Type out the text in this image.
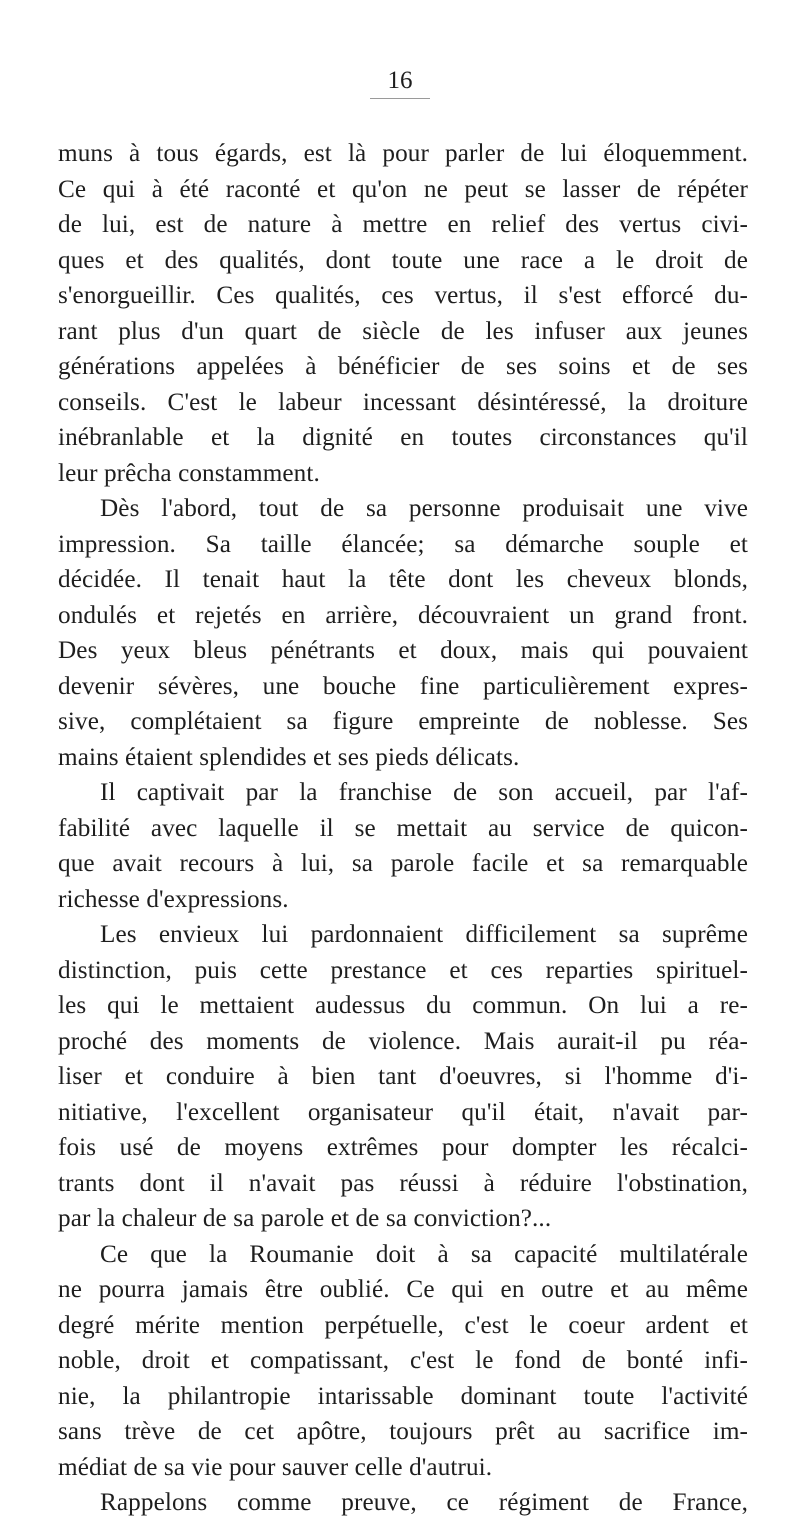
16
muns à tous égards, est là pour parler de lui éloquemment.
Ce qui à été raconté et qu'on ne peut se lasser de répéter
de lui, est de nature à mettre en relief des vertus civi-
ques et des qualités, dont toute une race a le droit de
s'enorgueillir. Ces qualités, ces vertus, il s'est efforcé du-
rant plus d'un quart de siècle de les infuser aux jeunes
générations appelées à bénéficier de ses soins et de ses
conseils. C'est le labeur incessant désintéressé, la droiture
inébranlable et la dignité en toutes circonstances qu'il
leur prêcha constamment.
Dès l'abord, tout de sa personne produisait une vive
impression. Sa taille élancée; sa démarche souple et
décidée. Il tenait haut la tête dont les cheveux blonds,
ondulés et rejetés en arrière, découvraient un grand front.
Des yeux bleus pénétrants et doux, mais qui pouvaient
devenir sévères, une bouche fine particulièrement expres-
sive, complétaient sa figure empreinte de noblesse. Ses
mains étaient splendides et ses pieds délicats.
Il captivait par la franchise de son accueil, par l'af-
fabilité avec laquelle il se mettait au service de quicon-
que avait recours à lui, sa parole facile et sa remarquable
richesse d'expressions.
Les envieux lui pardonnaient difficilement sa suprême
distinction, puis cette prestance et ces reparties spirituel-
les qui le mettaient audessus du commun. On lui a re-
proché des moments de violence. Mais aurait-il pu réa-
liser et conduire à bien tant d'oeuvres, si l'homme d'i-
nitiative, l'excellent organisateur qu'il était, n'avait par-
fois usé de moyens extrêmes pour dompter les récalci-
trants dont il n'avait pas réussi à réduire l'obstination,
par la chaleur de sa parole et de sa conviction?...
Ce que la Roumanie doit à sa capacité multilatérale
ne pourra jamais être oublié. Ce qui en outre et au même
degré mérite mention perpétuelle, c'est le coeur ardent et
noble, droit et compatissant, c'est le fond de bonté infi-
nie, la philantropie intarissable dominant toute l'activité
sans trève de cet apôtre, toujours prêt au sacrifice im-
médiat de sa vie pour sauver celle d'autrui.
Rappelons comme preuve, ce régiment de France,
